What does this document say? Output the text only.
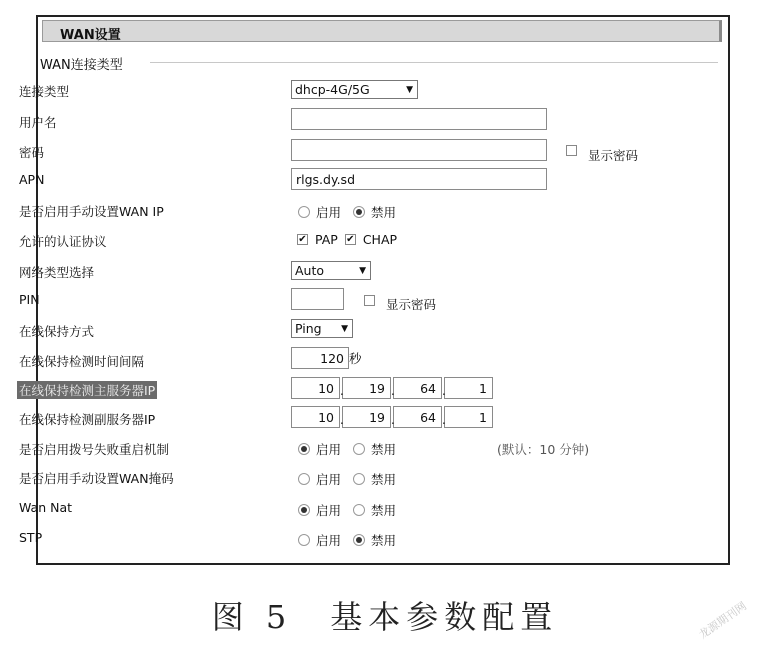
WAN设置
WAN连接类型
连接类型	dhcp-4G/5G	▼
用户名
密码	显示密码
APN	rlgs.dy.sd
是否启用手动设置WAN IP	启用 禁用
允许的认证协议	✔ PAP ✔ CHAP
网络类型选择	Auto	▼
PIN	显示密码
在线保持方式	Ping ▼
在线保持检测时间间隔	120 秒
在线保持检测主服务器IP	10 .	19 .	64 .	1
在线保持检测副服务器IP	10 .	19 .	64 .	1
是否启用拨号失败重启机制	启用 禁用	(默认：10 分钟)
是否启用手动设置WAN掩码	启用 禁用
Wan Nat	启用 禁用
STP	启用 禁用
图 5　基本参数配置	龙源期刊网
